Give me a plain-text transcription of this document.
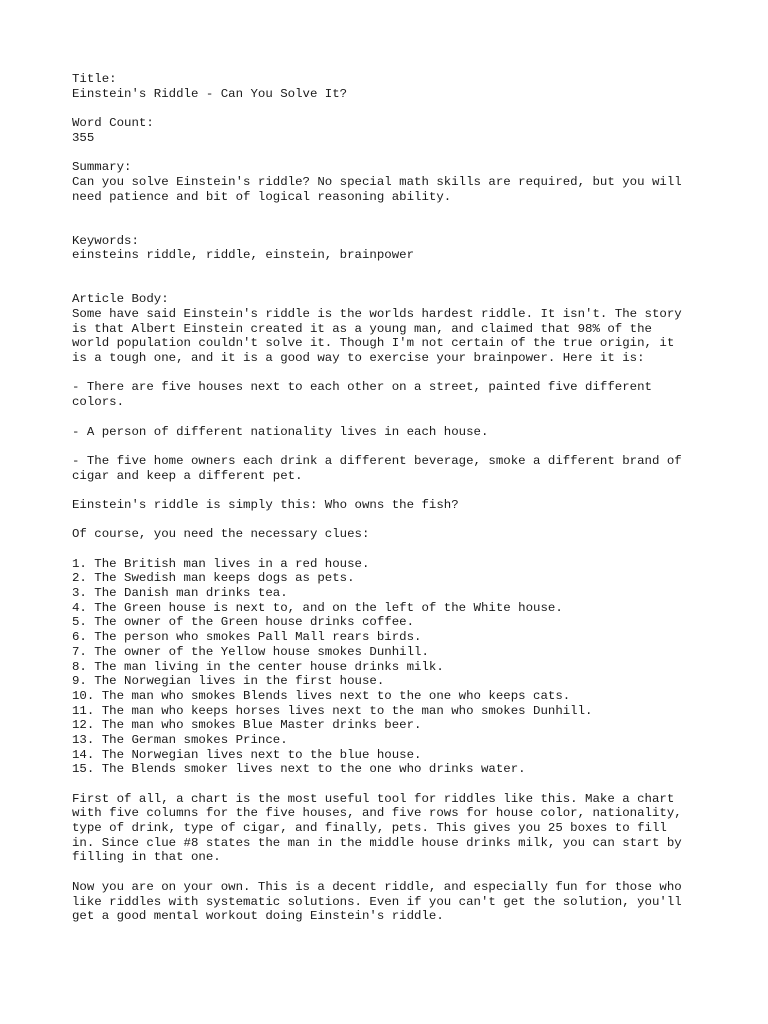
Title:
Einstein's Riddle - Can You Solve It?
Word Count:
355
Summary:
Can you solve Einstein's riddle? No special math skills are required, but you will
need patience and bit of logical reasoning ability.
Keywords:
einsteins riddle, riddle, einstein, brainpower
Article Body:
Some have said Einstein's riddle is the worlds hardest riddle. It isn't. The story
is that Albert Einstein created it as a young man, and claimed that 98% of the
world population couldn't solve it. Though I'm not certain of the true origin, it
is a tough one, and it is a good way to exercise your brainpower. Here it is:
- There are five houses next to each other on a street, painted five different
colors.
- A person of different nationality lives in each house.
- The five home owners each drink a different beverage, smoke a different brand of
cigar and keep a different pet.
Einstein's riddle is simply this: Who owns the fish?
Of course, you need the necessary clues:
1. The British man lives in a red house.
2. The Swedish man keeps dogs as pets.
3. The Danish man drinks tea.
4. The Green house is next to, and on the left of the White house.
5. The owner of the Green house drinks coffee.
6. The person who smokes Pall Mall rears birds.
7. The owner of the Yellow house smokes Dunhill.
8. The man living in the center house drinks milk.
9. The Norwegian lives in the first house.
10. The man who smokes Blends lives next to the one who keeps cats.
11. The man who keeps horses lives next to the man who smokes Dunhill.
12. The man who smokes Blue Master drinks beer.
13. The German smokes Prince.
14. The Norwegian lives next to the blue house.
15. The Blends smoker lives next to the one who drinks water.
First of all, a chart is the most useful tool for riddles like this. Make a chart
with five columns for the five houses, and five rows for house color, nationality,
type of drink, type of cigar, and finally, pets. This gives you 25 boxes to fill
in. Since clue #8 states the man in the middle house drinks milk, you can start by
filling in that one.
Now you are on your own. This is a decent riddle, and especially fun for those who
like riddles with systematic solutions. Even if you can't get the solution, you'll
get a good mental workout doing Einstein's riddle.
